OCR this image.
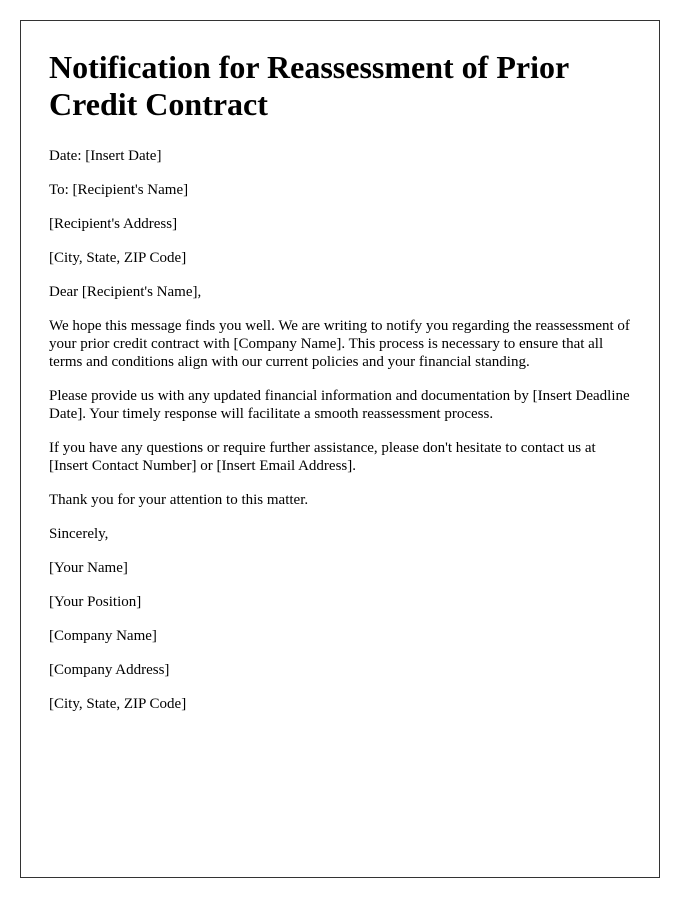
Notification for Reassessment of Prior Credit Contract

Date: [Insert Date]

To: [Recipient's Name]

[Recipient's Address]

[City, State, ZIP Code]

Dear [Recipient's Name],

We hope this message finds you well. We are writing to notify you regarding the reassessment of your prior credit contract with [Company Name]. This process is necessary to ensure that all terms and conditions align with our current policies and your financial standing.

Please provide us with any updated financial information and documentation by [Insert Deadline Date]. Your timely response will facilitate a smooth reassessment process.

If you have any questions or require further assistance, please don't hesitate to contact us at [Insert Contact Number] or [Insert Email Address].

Thank you for your attention to this matter.

Sincerely,

[Your Name]

[Your Position]

[Company Name]

[Company Address]

[City, State, ZIP Code]
